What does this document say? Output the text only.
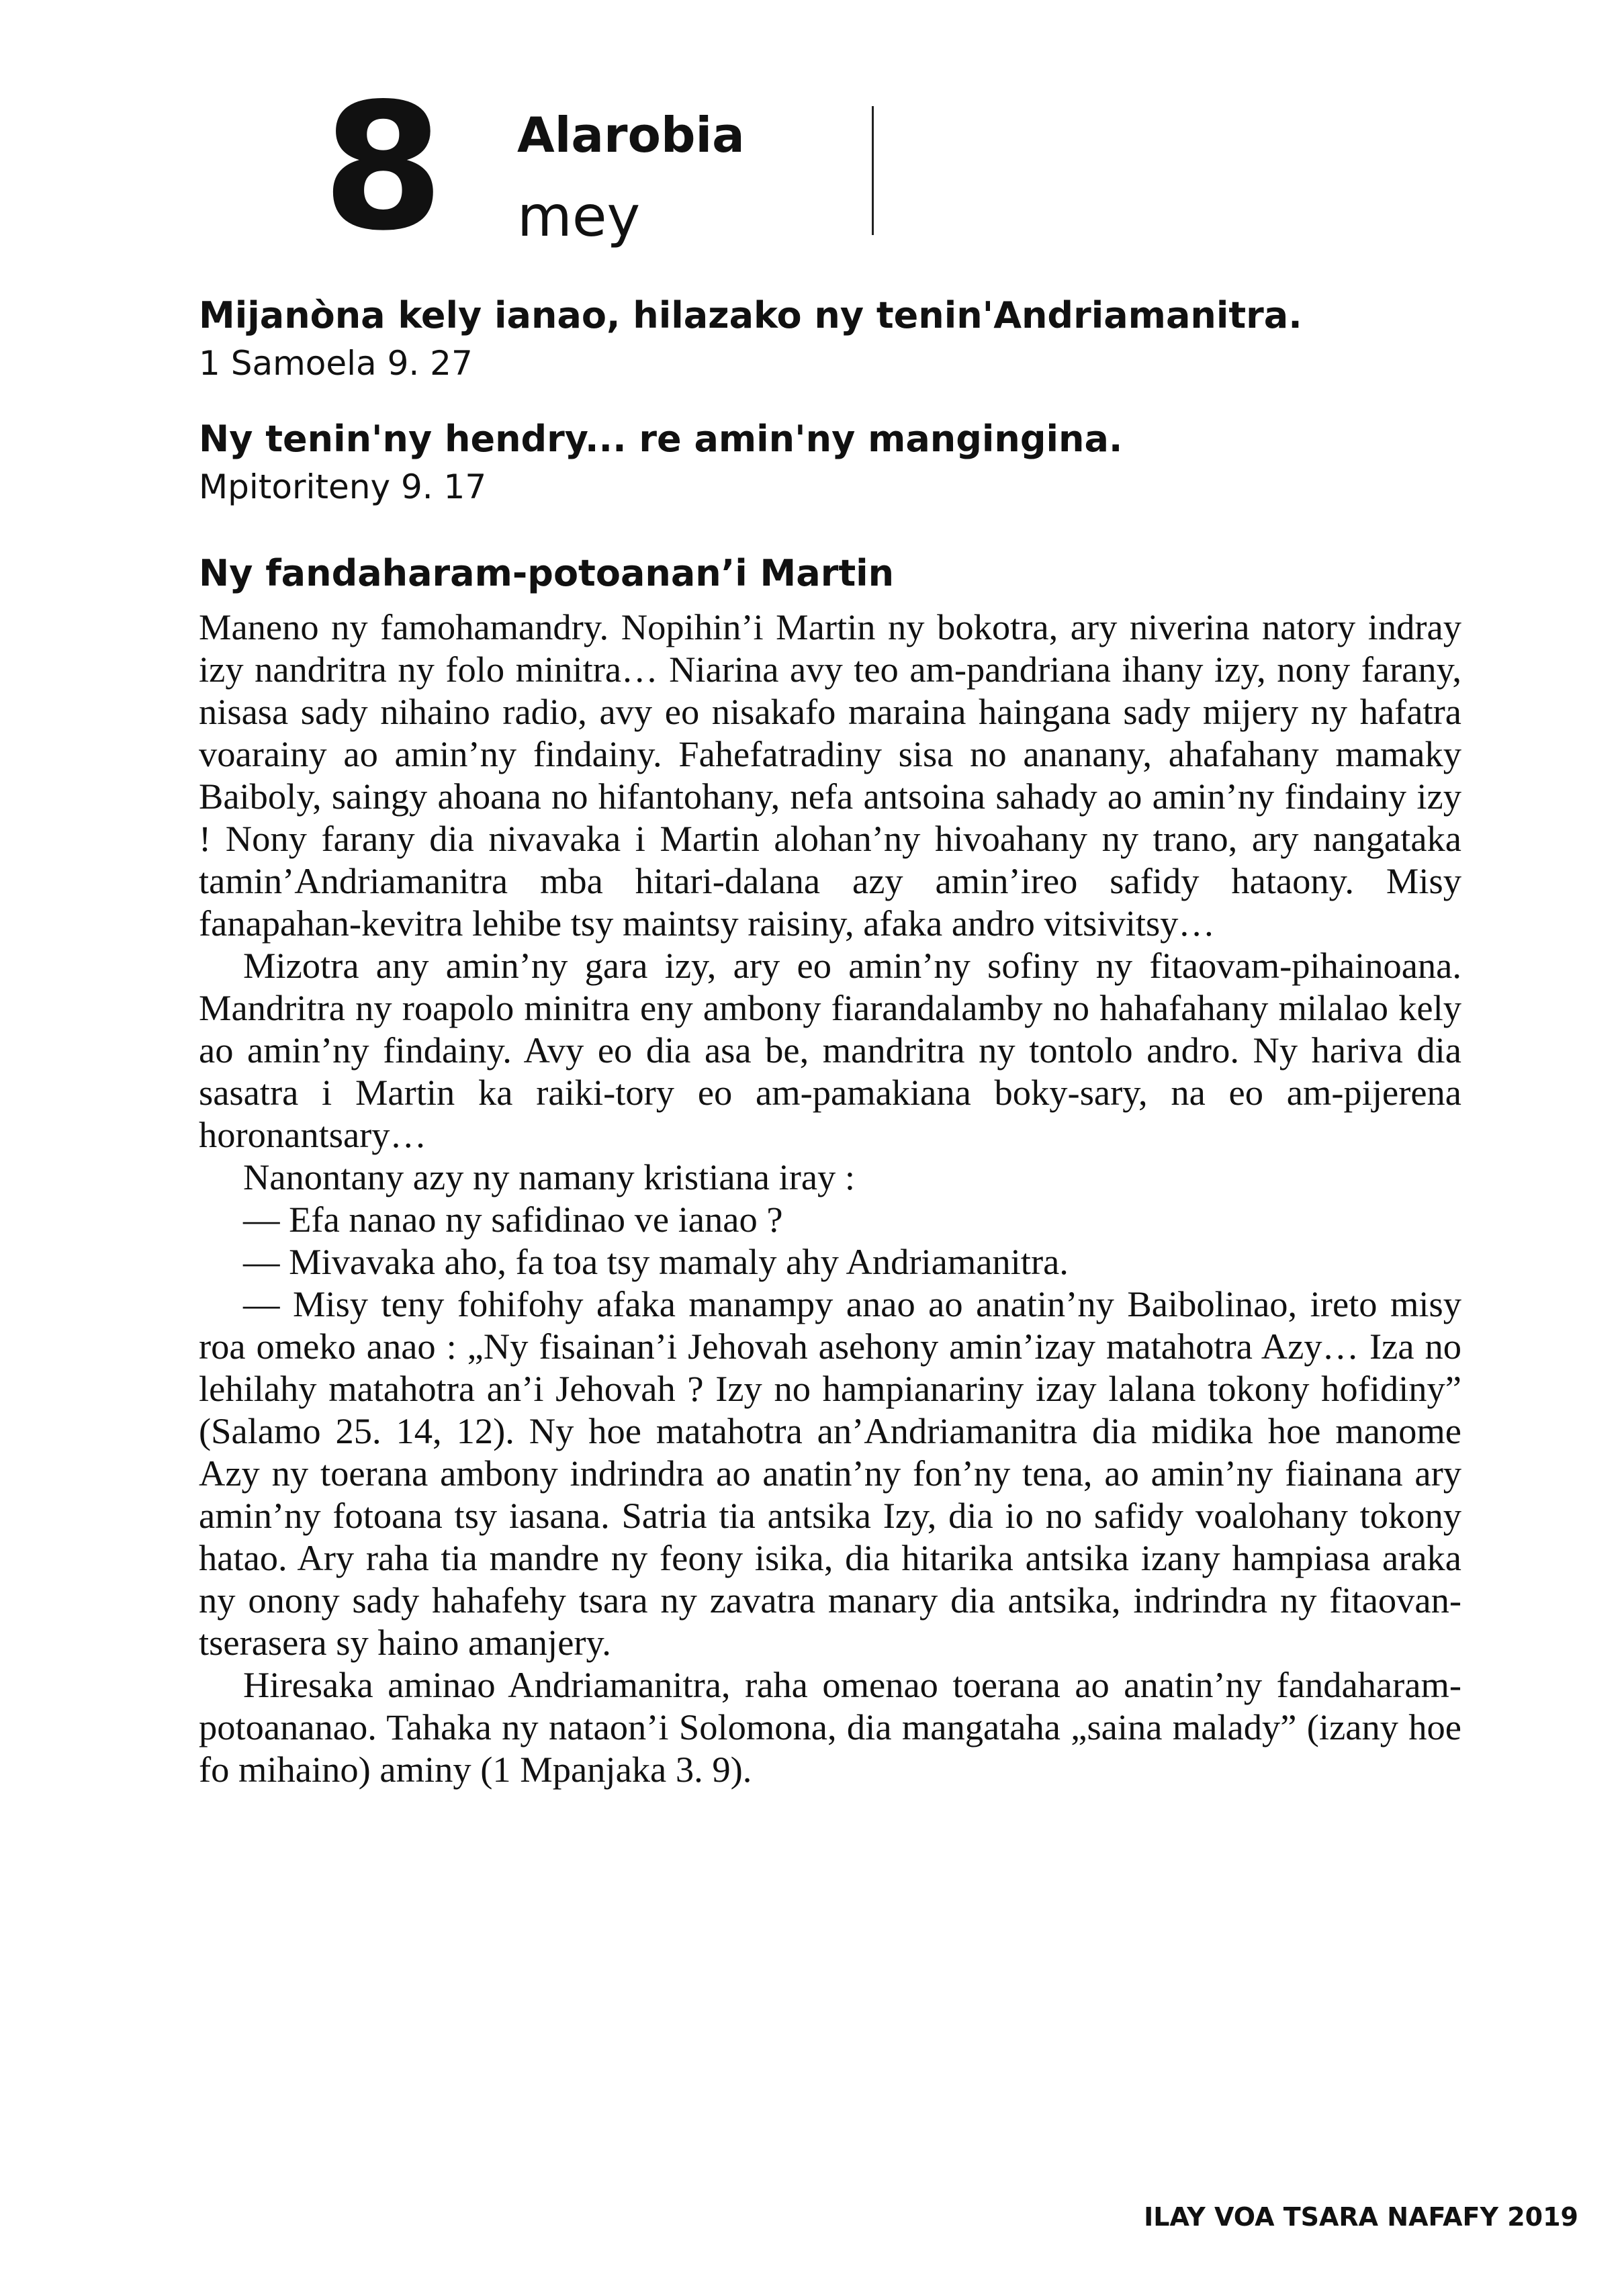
8 Alarobia
mey
Mijanòna kely ianao, hilazako ny tenin'Andriamanitra.
1 Samoela 9. 27
Ny tenin'ny hendry... re amin'ny mangingina.
Mpitoriteny 9. 17
Ny fandaharam-potoanan’i Martin

Maneno ny famohamandry. Nopihin’i Martin ny bokotra, ary niverina natory indray izy nandritra ny folo minitra… Niarina avy teo am-pandriana ihany izy, nony farany, nisasa sady nihaino radio, avy eo nisakafo maraina haingana sady mijery ny hafatra voarainy ao amin’ny findainy. Fahefatradiny sisa no ananany, ahafahany mamaky Baiboly, saingy ahoana no hifantohany, nefa antsoina sahady ao amin’ny findainy izy ! Nony farany dia nivavaka i Martin alohan’ny hivoahany ny trano, ary nangataka tamin’Andriamanitra mba hitari-dalana azy amin’ireo safidy hataony. Misy fanapahan-kevitra lehibe tsy maintsy raisiny, afaka andro vitsivitsy…

Mizotra any amin’ny gara izy, ary eo amin’ny sofiny ny fitaovam-pihainoana. Mandritra ny roapolo minitra eny ambony fiarandalamby no hahafahany milalao kely ao amin’ny findainy. Avy eo dia asa be, mandritra ny tontolo andro. Ny hariva dia sasatra i Martin ka raiki-tory eo am-pamakiana boky-sary, na eo am-pijerena horonantsary…

Nanontany azy ny namany kristiana iray :

— Efa nanao ny safidinao ve ianao ?

— Mivavaka aho, fa toa tsy mamaly ahy Andriamanitra.

— Misy teny fohifohy afaka manampy anao ao anatin’ny Baibolinao, ireto misy roa omeko anao : „Ny fisainan’i Jehovah asehony amin’izay matahotra Azy… Iza no lehilahy matahotra an’i Jehovah ? Izy no hampianariny izay lalana tokony hofidiny” (Salamo 25. 14, 12). Ny hoe matahotra an’Andriamanitra dia midika hoe manome Azy ny toerana ambony indrindra ao anatin’ny fon’ny tena, ao amin’ny fiainana ary amin’ny fotoana tsy iasana. Satria tia antsika Izy, dia io no safidy voalohany tokony hatao. Ary raha tia mandre ny feony isika, dia hitarika antsika izany hampiasa araka ny onony sady hahafehy tsara ny zavatra manary dia antsika, indrindra ny fitaovan-tserasera sy haino amanjery.

Hiresaka aminao Andriamanitra, raha omenao toerana ao anatin’ny fandaharam-potoananao. Tahaka ny nataon’i Solomona, dia mangataha „saina malady” (izany hoe fo mihaino) aminy (1 Mpanjaka 3. 9).

ILAY VOA TSARA NAFAFY 2019
